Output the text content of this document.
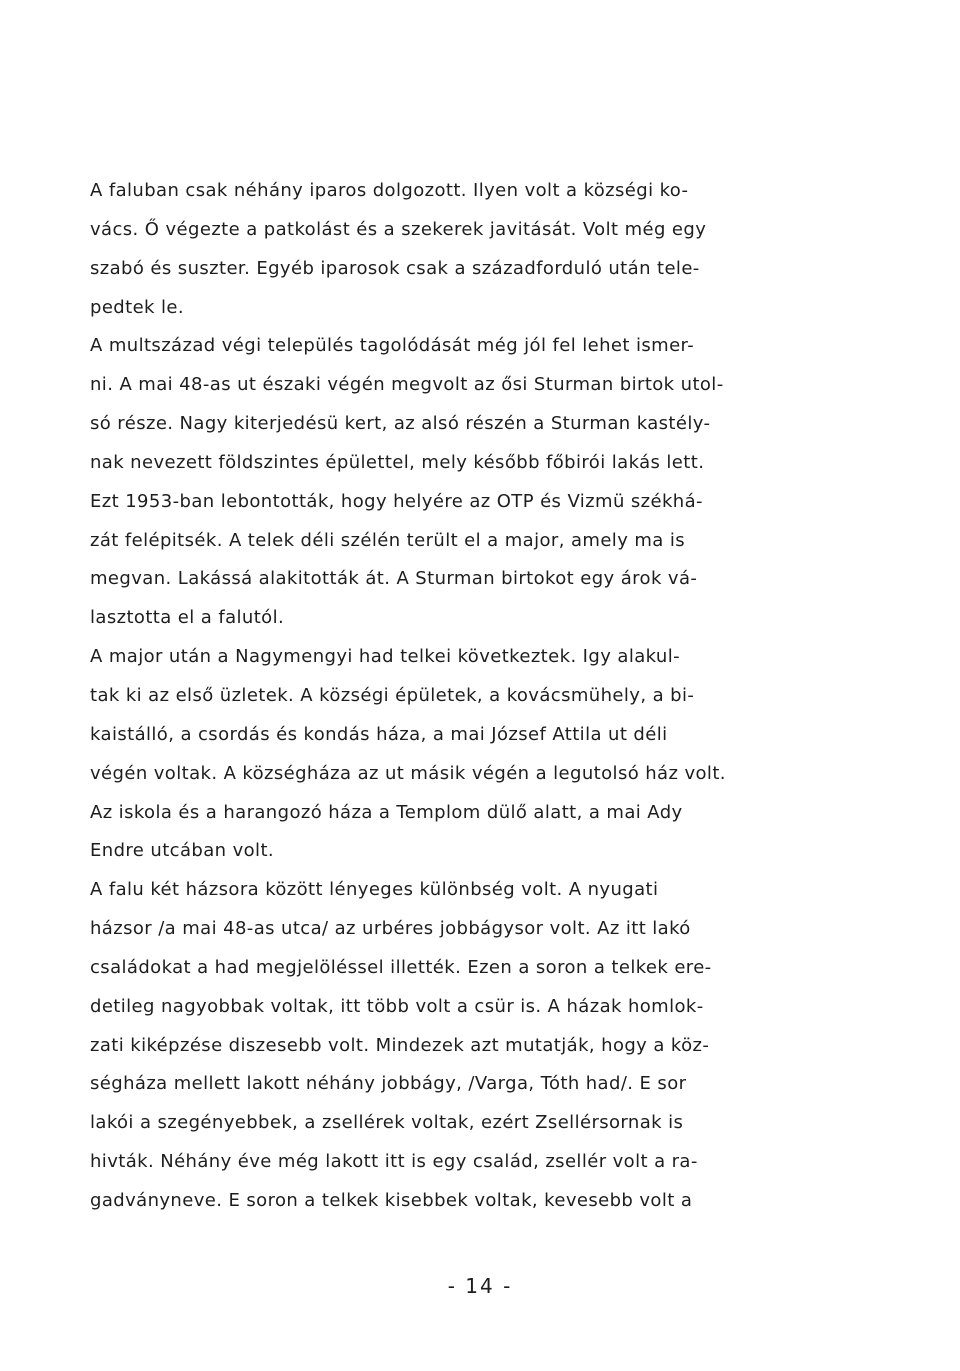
A faluban csak néhány iparos dolgozott. Ilyen volt a községi ko-
vács. Ő végezte a patkolást és a szekerek javitását. Volt még egy
szabó és suszter. Egyéb iparosok csak a századforduló után tele-
pedtek le.
A multszázad végi település tagolódását még jól fel lehet ismer-
ni. A mai 48-as ut északi végén megvolt az ősi Sturman birtok utol-
só része. Nagy kiterjedésü kert, az alsó részén a Sturman kastély-
nak nevezett földszintes épülettel, mely később főbirói lakás lett.
Ezt 1953-ban lebontották, hogy helyére az OTP és Vizmü székhá-
zát felépitsék. A telek déli szélén terült el a major, amely ma is
megvan. Lakássá alakitották át. A Sturman birtokot egy árok vá-
lasztotta el a falutól.
A major után a Nagymengyi had telkei következtek. Igy alakul-
tak ki az első üzletek. A községi épületek, a kovácsmühely, a bi-
kaistálló, a csordás és kondás háza, a mai József Attila ut déli
végén voltak. A községháza az ut másik végén a legutolsó ház volt.
Az iskola és a harangozó háza a Templom dülő alatt, a mai Ady
Endre utcában volt.
A falu két házsora között lényeges különbség volt. A nyugati
házsor /a mai 48-as utca/ az urbéres jobbágysor volt. Az itt lakó
családokat a had megjelöléssel illették. Ezen a soron a telkek ere-
detileg nagyobbak voltak, itt több volt a csür is. A házak homlok-
zati kiképzése diszesebb volt. Mindezek azt mutatják, hogy a köz-
ségháza mellett lakott néhány jobbágy, /Varga, Tóth had/. E sor
lakói a szegényebbek, a zsellérek voltak, ezért Zsellérsornak is
hivták. Néhány éve még lakott itt is egy család, zsellér volt a ra-
gadványneve. E soron a telkek kisebbek voltak, kevesebb volt a
- 14 -
